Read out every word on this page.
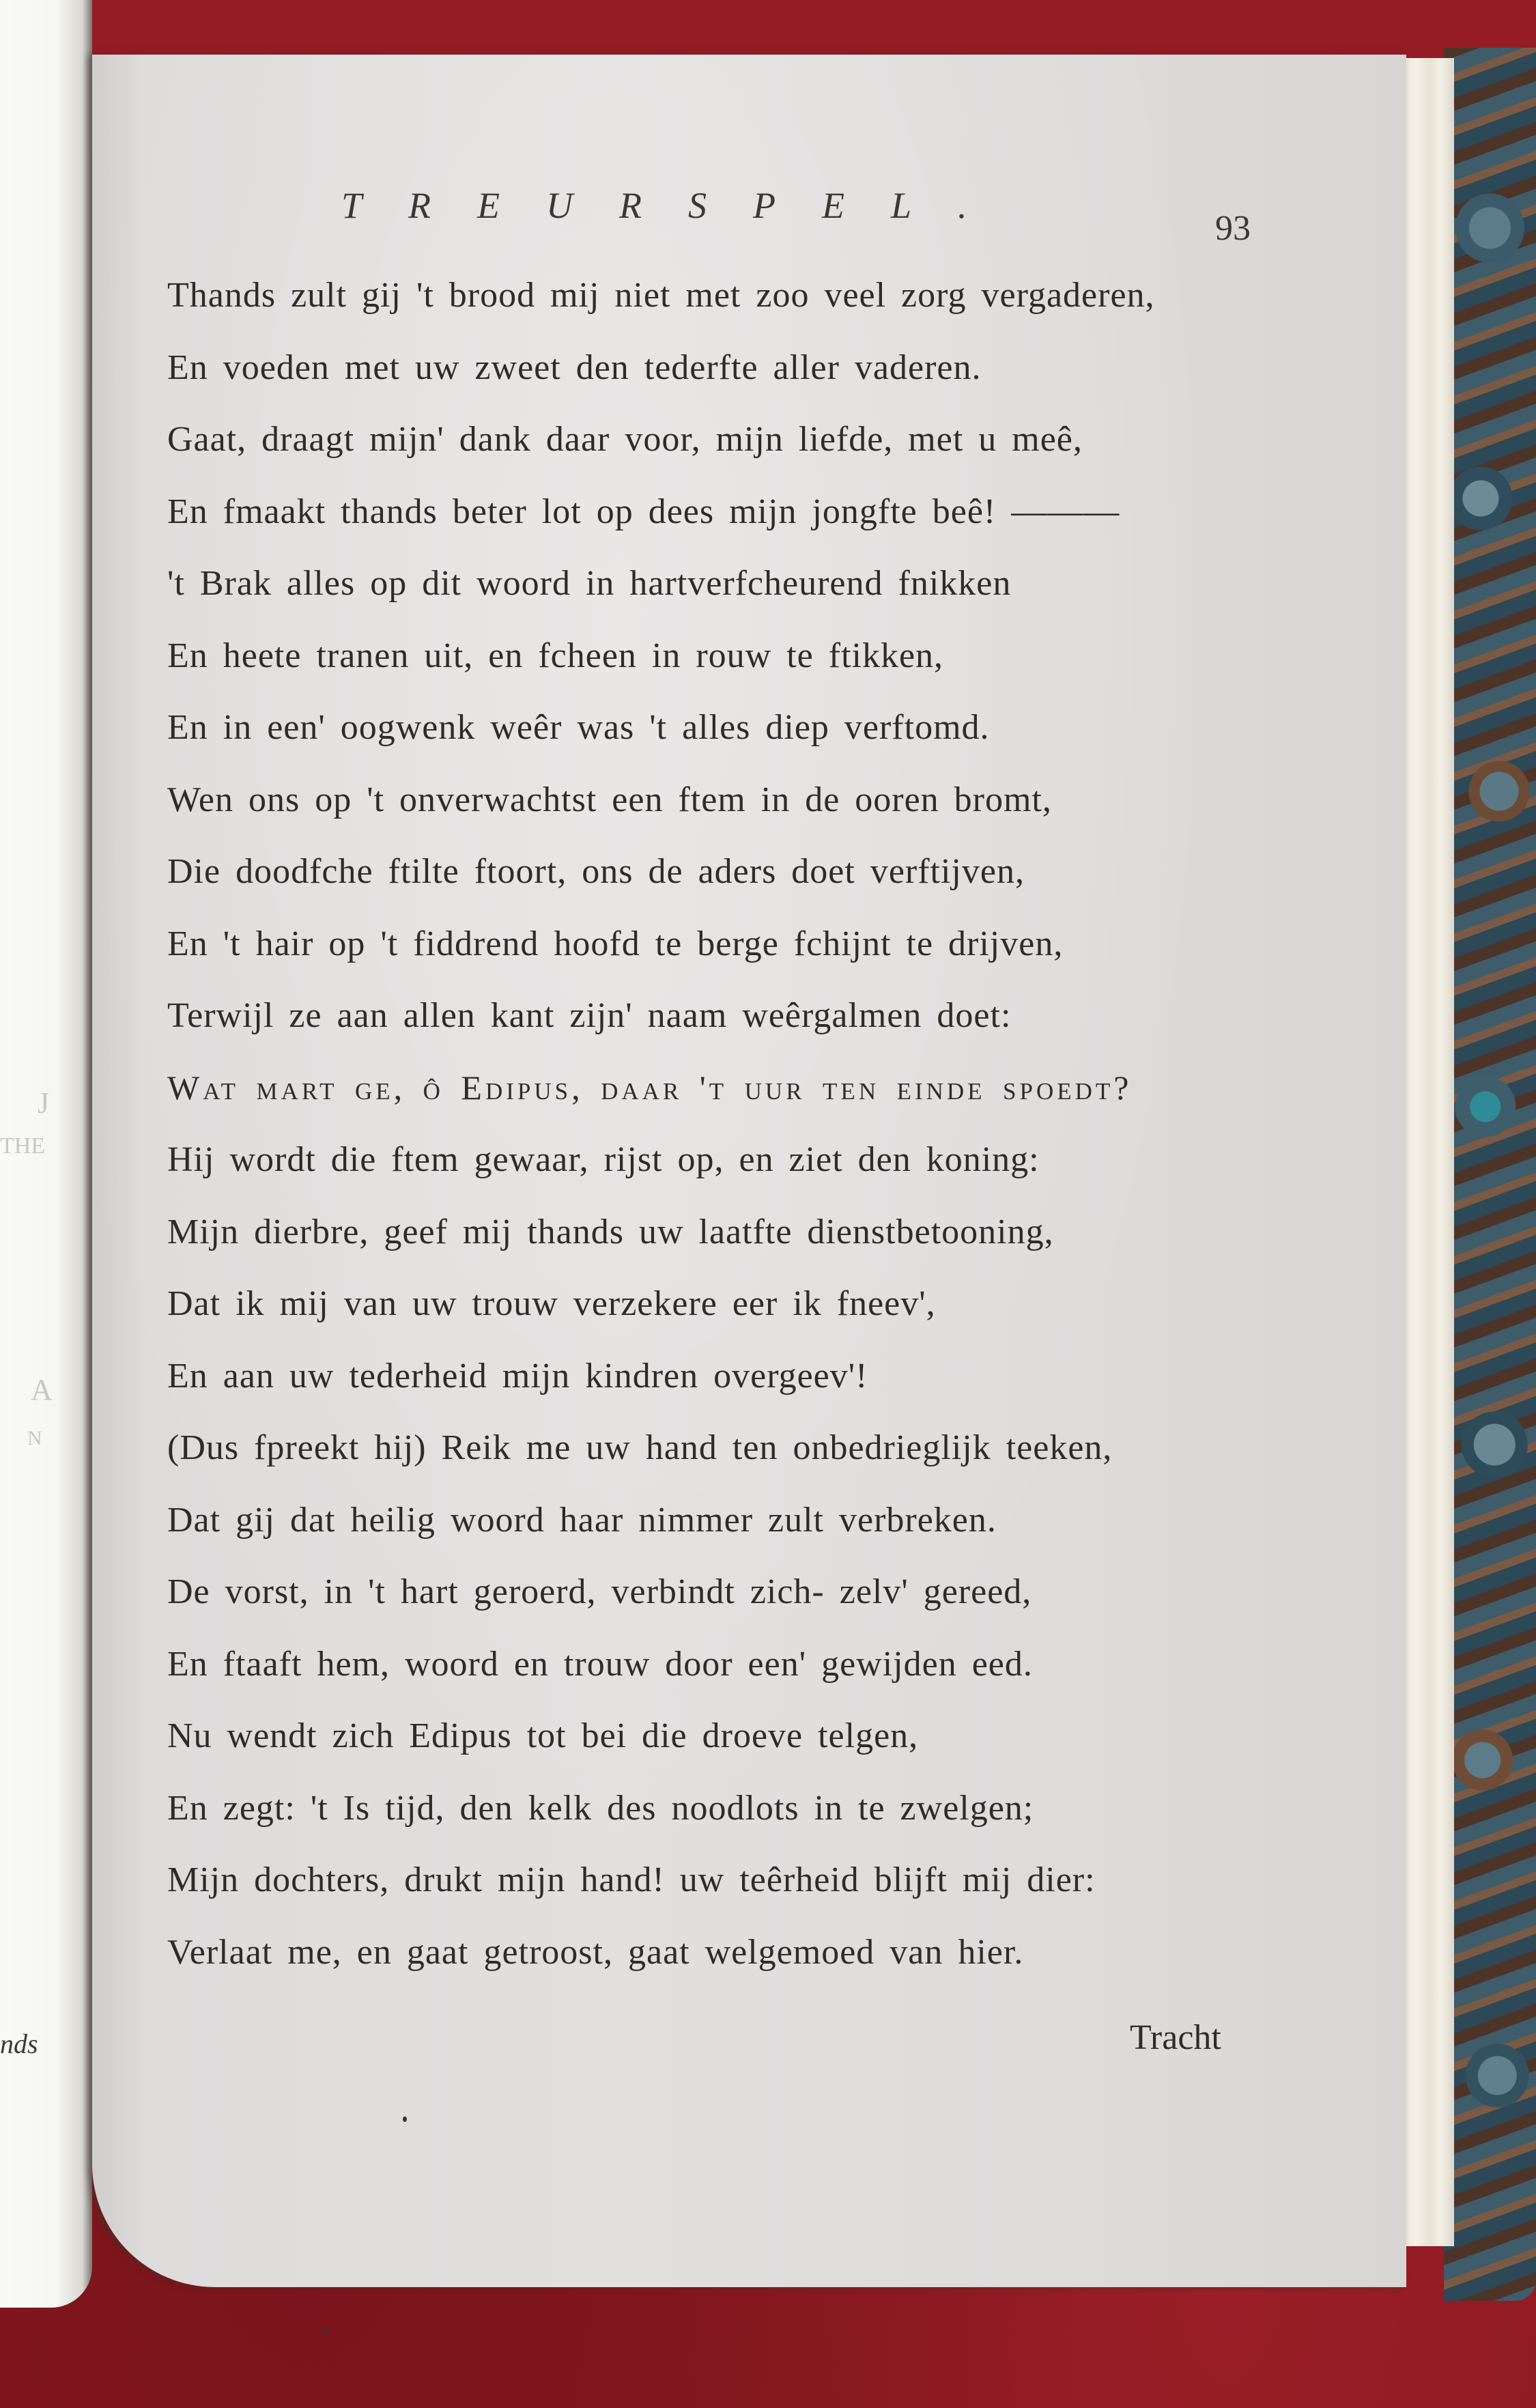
J
THE
A
N
nds
TREURSPEL.
93
Thands zult gij 't brood mij niet met zoo veel zorg vergaderen,
En voeden met uw zweet den tederfte aller vaderen.
Gaat, draagt mijn' dank daar voor, mijn liefde, met u meê,
En fmaakt thands beter lot op dees mijn jongfte beê! ———
't Brak alles op dit woord in hartverfcheurend fnikken
En heete tranen uit, en fcheen in rouw te ftikken,
En in een' oogwenk weêr was 't alles diep verftomd.
Wen ons op 't onverwachtst een ftem in de ooren bromt,
Die doodfche ftilte ftoort, ons de aders doet verftijven,
En 't hair op 't fiddrend hoofd te berge fchijnt te drijven,
Terwijl ze aan allen kant zijn' naam weêrgalmen doet:
Wat mart ge, ô Edipus, daar 't uur ten einde spoedt?
Hij wordt die ftem gewaar, rijst op, en ziet den koning:
Mijn dierbre, geef mij thands uw laatfte dienstbetooning,
Dat ik mij van uw trouw verzekere eer ik fneev',
En aan uw tederheid mijn kindren overgeev'!
(Dus fpreekt hij) Reik me uw hand ten onbedrieglijk teeken,
Dat gij dat heilig woord haar nimmer zult verbreken.
De vorst, in 't hart geroerd, verbindt zich- zelv' gereed,
En ftaaft hem, woord en trouw door een' gewijden eed.
Nu wendt zich Edipus tot bei die droeve telgen,
En zegt: 't Is tijd, den kelk des noodlots in te zwelgen;
Mijn dochters, drukt mijn hand! uw teêrheid blijft mij dier:
Verlaat me, en gaat getroost, gaat welgemoed van hier.
Tracht
